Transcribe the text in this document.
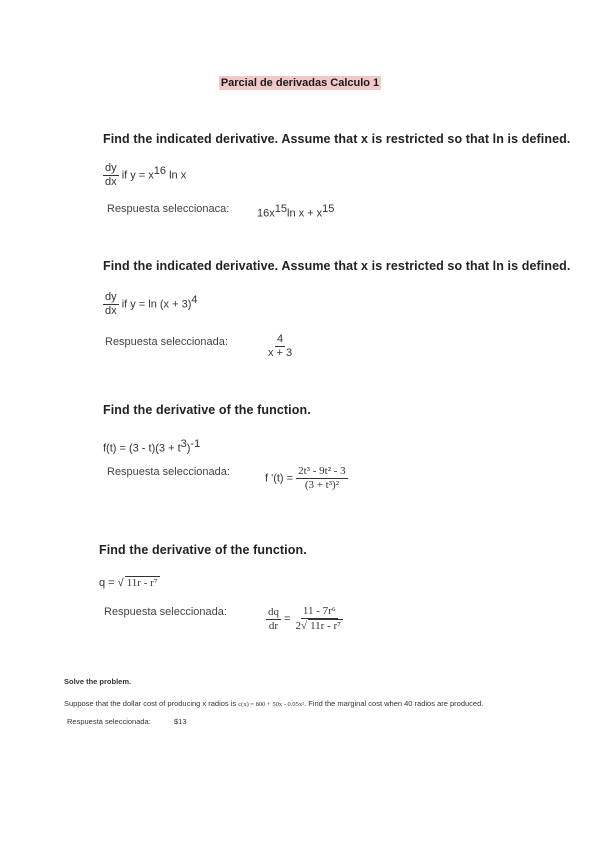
Parcial de derivadas Calculo 1
Find the indicated derivative. Assume that x is restricted so that ln is defined.
$\frac{dy}{dx}$ if y = x16 ln x
Respuesta seleccionaca:	16x15ln x + x15
Find the indicated derivative. Assume that x is restricted so that ln is defined.
$\frac{dy}{dx}$ if y = ln (x + 3)4
Respuesta seleccionada:	$\frac{4}{x + 3}$
Find the derivative of the function.
f(t) = (3 - t)(3 + t3)-1
Respuesta seleccionada:
f '$(t) = \frac{\text{2t³ - 9t² - 3}}{\text{(3 + t³)²}}$
Find the derivative of the function.
q = √ 11r - r⁷
Respuesta seleccionada:	$\frac{dq}{dr} = \frac{\text{11 - 7r⁶}}{\text{2√ 11r - r⁷}}$
Solve the problem.
Suppose that the dollar cost of producing x radios is c(x) = 800 + 50x - 0.05x². Find the marginal cost when 40 radios are produced.
Respuesta seleccionada:	$13
